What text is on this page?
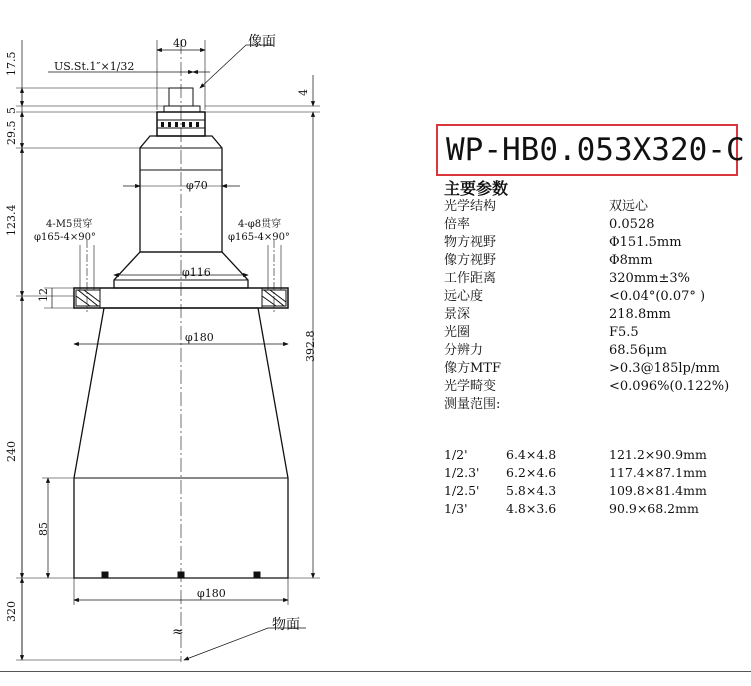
像面
物面
40
US.St.1″×1/32
4
392.8
17.5
5
29.5
123.4
240
320
12
85
φ70
φ116
φ180
φ180
4-M5贯穿
φ165-4×90°
4-φ8贯穿
φ165-4×90°
≈
WP-HB0.053X320-C
主要参数
光学结构	双远心
倍率	0.0528
物方视野	Φ151.5mm
像方视野	Φ8mm
工作距离	320mm±3%
远心度	<0.04°(0.07° )
景深	218.8mm
光圈	F5.5
分辨力	68.56μm
像方MTF	>0.3@185lp/mm
光学畸变	<0.096%(0.122%)
测量范围:
1/2'	6.4×4.8	121.2×90.9mm
1/2.3' 6.2×4.6	117.4×87.1mm
1/2.5' 5.8×4.3	109.8×81.4mm
1/3'	4.8×3.6	90.9×68.2mm
